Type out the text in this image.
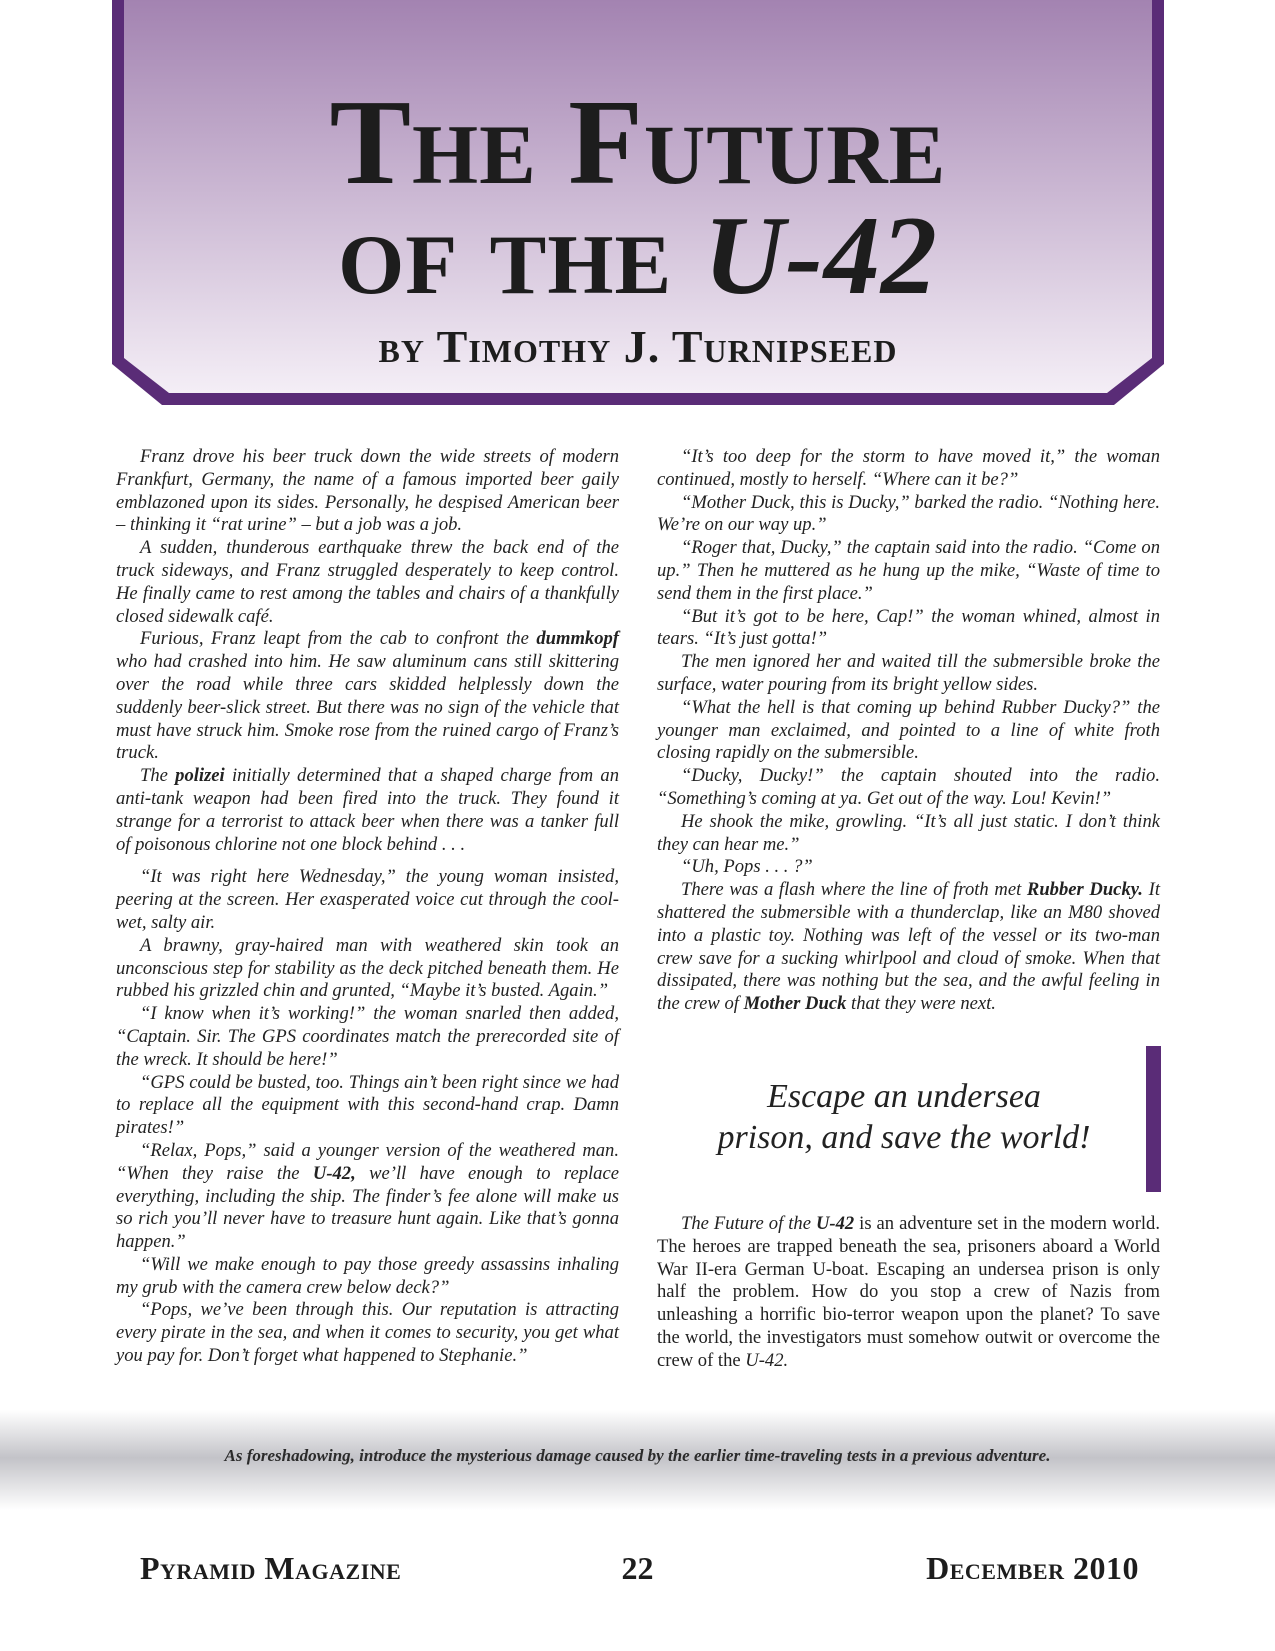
The Future
of the U-42
by Timothy J. Turnipseed

Franz drove his beer truck down the wide streets of modern Frankfurt, Germany, the name of a famous imported beer gaily emblazoned upon its sides. Personally, he despised American beer – thinking it “rat urine” – but a job was a job.

A sudden, thunderous earthquake threw the back end of the truck sideways, and Franz struggled desperately to keep control. He finally came to rest among the tables and chairs of a thankfully closed sidewalk café.

Furious, Franz leapt from the cab to confront the dummkopf who had crashed into him. He saw aluminum cans still skittering over the road while three cars skidded helplessly down the suddenly beer-slick street. But there was no sign of the vehicle that must have struck him. Smoke rose from the ruined cargo of Franz’s truck.

The polizei initially determined that a shaped charge from an anti-tank weapon had been fired into the truck. They found it strange for a terrorist to attack beer when there was a tanker full of poisonous chlorine not one block behind . . .

“It was right here Wednesday,” the young woman insisted, peering at the screen. Her exasperated voice cut through the cool-wet, salty air.

A brawny, gray-haired man with weathered skin took an unconscious step for stability as the deck pitched beneath them. He rubbed his grizzled chin and grunted, “Maybe it’s busted. Again.”

“I know when it’s working!” the woman snarled then added, “Captain. Sir. The GPS coordinates match the prerecorded site of the wreck. It should be here!”

“GPS could be busted, too. Things ain’t been right since we had to replace all the equipment with this second-hand crap. Damn pirates!”

“Relax, Pops,” said a younger version of the weathered man. “When they raise the U-42, we’ll have enough to replace everything, including the ship. The finder’s fee alone will make us so rich you’ll never have to treasure hunt again. Like that’s gonna happen.”

“Will we make enough to pay those greedy assassins inhaling my grub with the camera crew below deck?”

“Pops, we’ve been through this. Our reputation is attracting every pirate in the sea, and when it comes to security, you get what you pay for. Don’t forget what happened to Stephanie.”

“It’s too deep for the storm to have moved it,” the woman continued, mostly to herself. “Where can it be?”

“Mother Duck, this is Ducky,” barked the radio. “Nothing here. We’re on our way up.”

“Roger that, Ducky,” the captain said into the radio. “Come on up.” Then he muttered as he hung up the mike, “Waste of time to send them in the first place.”

“But it’s got to be here, Cap!” the woman whined, almost in tears. “It’s just gotta!”

The men ignored her and waited till the submersible broke the surface, water pouring from its bright yellow sides.

“What the hell is that coming up behind Rubber Ducky?” the younger man exclaimed, and pointed to a line of white froth closing rapidly on the submersible.

“Ducky, Ducky!” the captain shouted into the radio. “Something’s coming at ya. Get out of the way. Lou! Kevin!”

He shook the mike, growling. “It’s all just static. I don’t think they can hear me.”

“Uh, Pops . . . ?”

There was a flash where the line of froth met Rubber Ducky. It shattered the submersible with a thunderclap, like an M80 shoved into a plastic toy. Nothing was left of the vessel or its two-man crew save for a sucking whirlpool and cloud of smoke. When that dissipated, there was nothing but the sea, and the awful feeling in the crew of Mother Duck that they were next.

Escape an undersea
prison, and save the world!

The Future of the U-42 is an adventure set in the modern world. The heroes are trapped beneath the sea, prisoners aboard a World War II-era German U-boat. Escaping an undersea prison is only half the problem. How do you stop a crew of Nazis from unleashing a horrific bio-terror weapon upon the planet? To save the world, the investigators must somehow outwit or overcome the crew of the U-42.

As foreshadowing, introduce the mysterious damage caused by the earlier time-traveling tests in a previous adventure.
Pyramid Magazine	22	December 2010
